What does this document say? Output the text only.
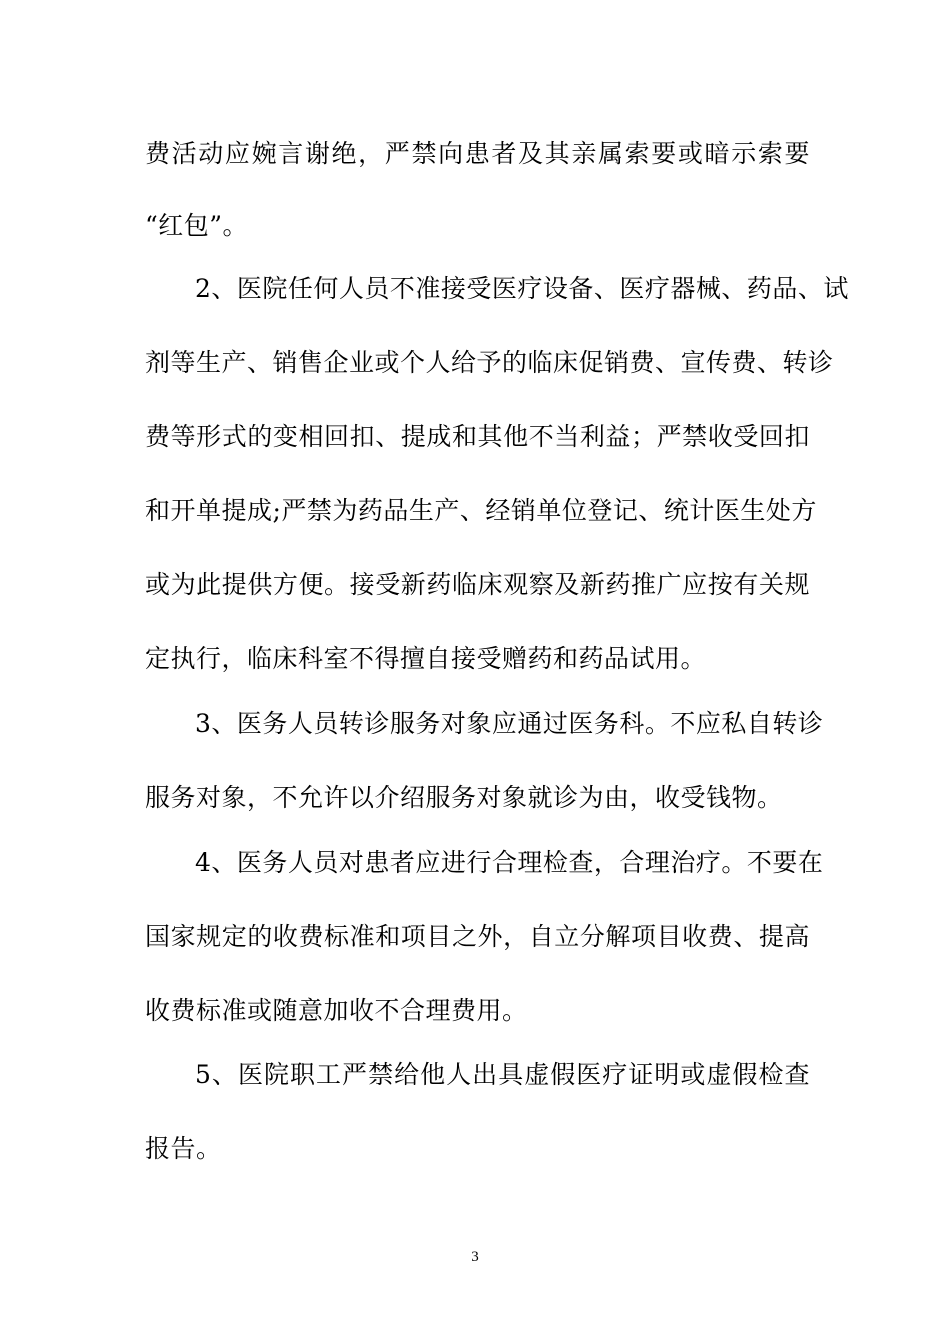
费活动应婉言谢绝，严禁向患者及其亲属索要或暗示索要
“红包”。
2、医院任何人员不准接受医疗设备、医疗器械、药品、试
剂等生产、销售企业或个人给予的临床促销费、宣传费、转诊
费等形式的变相回扣、提成和其他不当利益；严禁收受回扣
和开单提成;严禁为药品生产、经销单位登记、统计医生处方
或为此提供方便。接受新药临床观察及新药推广应按有关规
定执行，临床科室不得擅自接受赠药和药品试用。
3、医务人员转诊服务对象应通过医务科。不应私自转诊
服务对象，不允许以介绍服务对象就诊为由，收受钱物。
4、医务人员对患者应进行合理检查，合理治疗。不要在
国家规定的收费标准和项目之外，自立分解项目收费、提高
收费标准或随意加收不合理费用。
5、医院职工严禁给他人出具虚假医疗证明或虚假检查
报告。
3
